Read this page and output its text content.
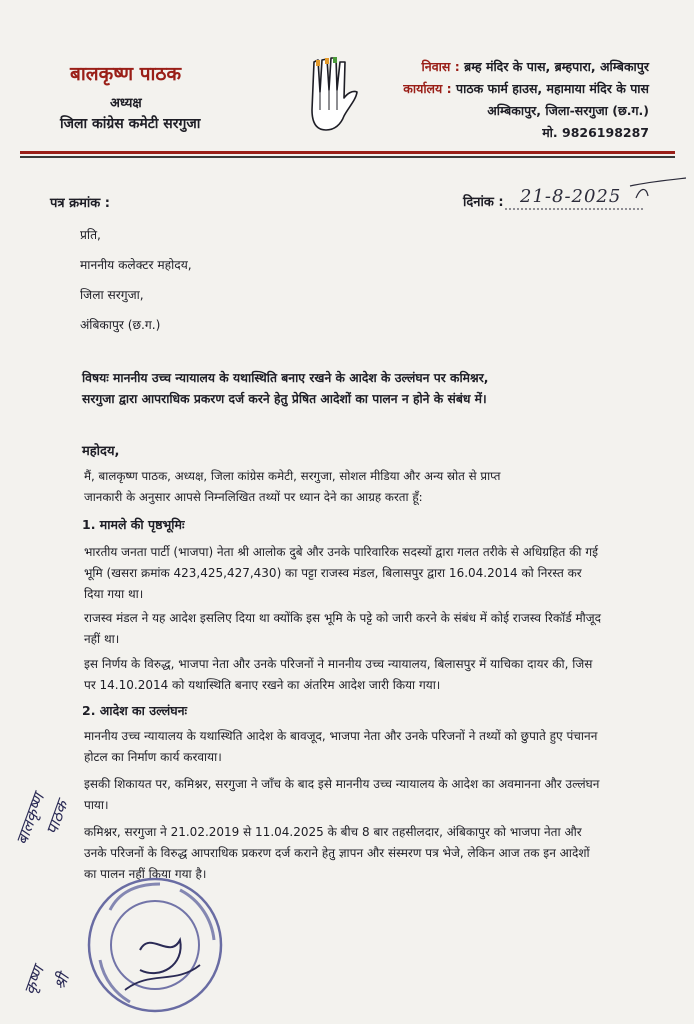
बालकृष्ण पाठक
अध्यक्ष
जिला कांग्रेस कमेटी सरगुजा
निवास : ब्रम्ह मंदिर के पास, ब्रम्हपारा, अम्बिकापुर
कार्यालय : पाठक फार्म हाउस, महामाया मंदिर के पास
अम्बिकापुर, जिला-सरगुजा (छ.ग.)
मो. 9826198287
पत्र क्रमांक :	दिनांक : 21-8-2025
प्रति,
माननीय कलेक्टर महोदय,
जिला सरगुजा,
अंबिकापुर (छ.ग.)
विषयः माननीय उच्च न्यायालय के यथास्थिति बनाए रखने के आदेश के उल्लंघन पर कमिश्नर,
सरगुजा द्वारा आपराधिक प्रकरण दर्ज करने हेतु प्रेषित आदेशों का पालन न होने के संबंध में।
महोदय,
मैं, बालकृष्ण पाठक, अध्यक्ष, जिला कांग्रेस कमेटी, सरगुजा, सोशल मीडिया और अन्य स्रोत से प्राप्त
जानकारी के अनुसार आपसे निम्नलिखित तथ्यों पर ध्यान देने का आग्रह करता हूँ:
1. मामले की पृष्ठभूमिः
भारतीय जनता पार्टी (भाजपा) नेता श्री आलोक दुबे और उनके पारिवारिक सदस्यों द्वारा गलत तरीके से अधिग्रहित की गई भूमि (खसरा क्रमांक 423,425,427,430) का पट्टा राजस्व मंडल, बिलासपुर द्वारा 16.04.2014 को निरस्त कर दिया गया था।
राजस्व मंडल ने यह आदेश इसलिए दिया था क्योंकि इस भूमि के पट्टे को जारी करने के संबंध में कोई राजस्व रिकॉर्ड मौजूद नहीं था।
इस निर्णय के विरुद्ध, भाजपा नेता और उनके परिजनों ने माननीय उच्च न्यायालय, बिलासपुर में याचिका दायर की, जिस पर 14.10.2014 को यथास्थिति बनाए रखने का अंतरिम आदेश जारी किया गया।
2. आदेश का उल्लंघनः
माननीय उच्च न्यायालय के यथास्थिति आदेश के बावजूद, भाजपा नेता और उनके परिजनों ने तथ्यों को छुपाते हुए पंचानन होटल का निर्माण कार्य करवाया।
इसकी शिकायत पर, कमिश्नर, सरगुजा ने जाँच के बाद इसे माननीय उच्च न्यायालय के आदेश का अवमानना और उल्लंघन पाया।
कमिश्नर, सरगुजा ने 21.02.2019 से 11.04.2025 के बीच 8 बार तहसीलदार, अंबिकापुर को भाजपा नेता और उनके परिजनों के विरुद्ध आपराधिक प्रकरण दर्ज कराने हेतु ज्ञापन और संस्मरण पत्र भेजे, लेकिन आज तक इन आदेशों का पालन नहीं किया गया है।
बालकृष्ण
पाठक
कृष्ण श्री
